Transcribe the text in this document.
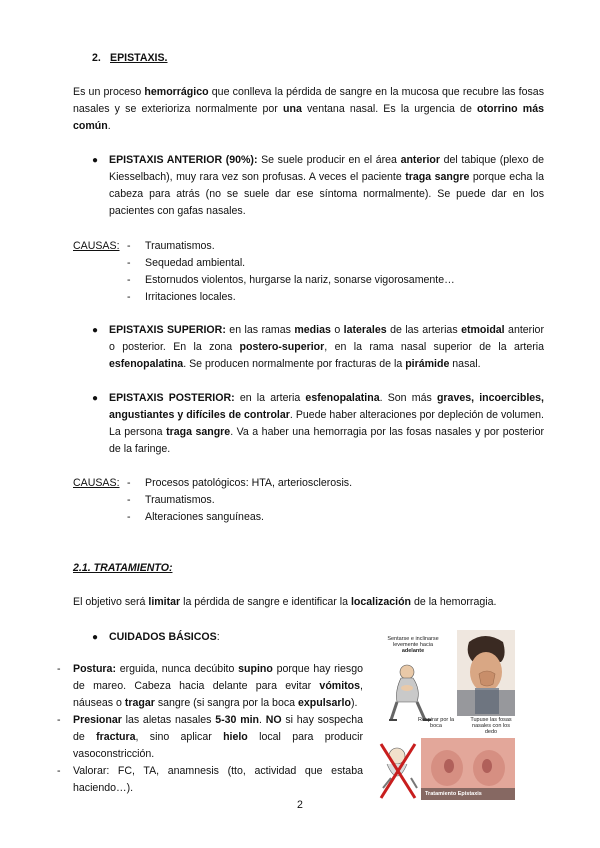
2. EPISTAXIS.
Es un proceso hemorrágico que conlleva la pérdida de sangre en la mucosa que recubre las fosas nasales y se exterioriza normalmente por una ventana nasal. Es la urgencia de otorrino más común.
● EPISTAXIS ANTERIOR (90%): Se suele producir en el área anterior del tabique (plexo de Kiesselbach), muy rara vez son profusas. A veces el paciente traga sangre porque echa la cabeza para atrás (no se suele dar ese síntoma normalmente). Se puede dar en los pacientes con gafas nasales.
CAUSAS:	- Traumatismos.
- Sequedad ambiental.
- Estornudos violentos, hurgarse la nariz, sonarse vigorosamente…
- Irritaciones locales.
● EPISTAXIS SUPERIOR: en las ramas medias o laterales de las arterias etmoidal anterior o posterior. En la zona postero-superior, en la rama nasal superior de la arteria esfenopalatina. Se producen normalmente por fracturas de la pirámide nasal.
● EPISTAXIS POSTERIOR: en la arteria esfenopalatina. Son más graves, incoercibles, angustiantes y difíciles de controlar. Puede haber alteraciones por depleción de volumen. La persona traga sangre. Va a haber una hemorragia por las fosas nasales y por posterior de la faringe.
CAUSAS:	- Procesos patológicos: HTA, arteriosclerosis.
- Traumatismos.
- Alteraciones sanguíneas.
2.1. TRATAMIENTO:
El objetivo será limitar la pérdida de sangre e identificar la localización de la hemorragia.
● CUIDADOS BÁSICOS:
- Postura: erguida, nunca decúbito supino porque hay riesgo de mareo. Cabeza hacia delante para evitar vómitos, náuseas o tragar sangre (si sangra por la boca expulsarlo).
- Presionar las aletas nasales 5-30 min. NO si hay sospecha de fractura, sino aplicar hielo local para producir vasoconstricción.
- Valorar: FC, TA, anamnesis (tto, actividad que estaba haciendo…).
Sentarse e inclinarse levemente hacia
adelante
Respirar por la boca
Tupuse las fosas nasales con los dedo
Tratamiento Epistaxis
2
